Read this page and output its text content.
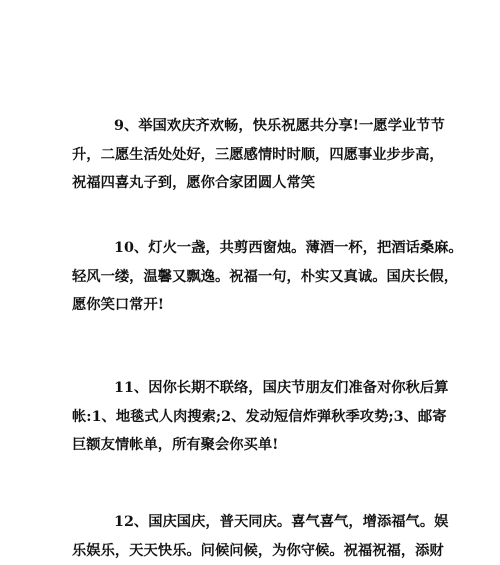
9、举国欢庆齐欢畅，快乐祝愿共分享!一愿学业节节
升，二愿生活处处好，三愿感情时时顺，四愿事业步步高，
祝福四喜丸子到，愿你合家团圆人常笑
10、灯火一盏，共剪西窗烛。薄酒一杯，把酒话桑麻。
轻风一缕，温馨又飘逸。祝福一句，朴实又真诚。国庆长假，
愿你笑口常开!
11、因你长期不联络，国庆节朋友们准备对你秋后算
帐:1、地毯式人肉搜索;2、发动短信炸弹秋季攻势;3、邮寄
巨额友情帐单，所有聚会你买单!
12、国庆国庆，普天同庆。喜气喜气，增添福气。娱
乐娱乐，天天快乐。问候问候，为你守候。祝福祝福，添财
